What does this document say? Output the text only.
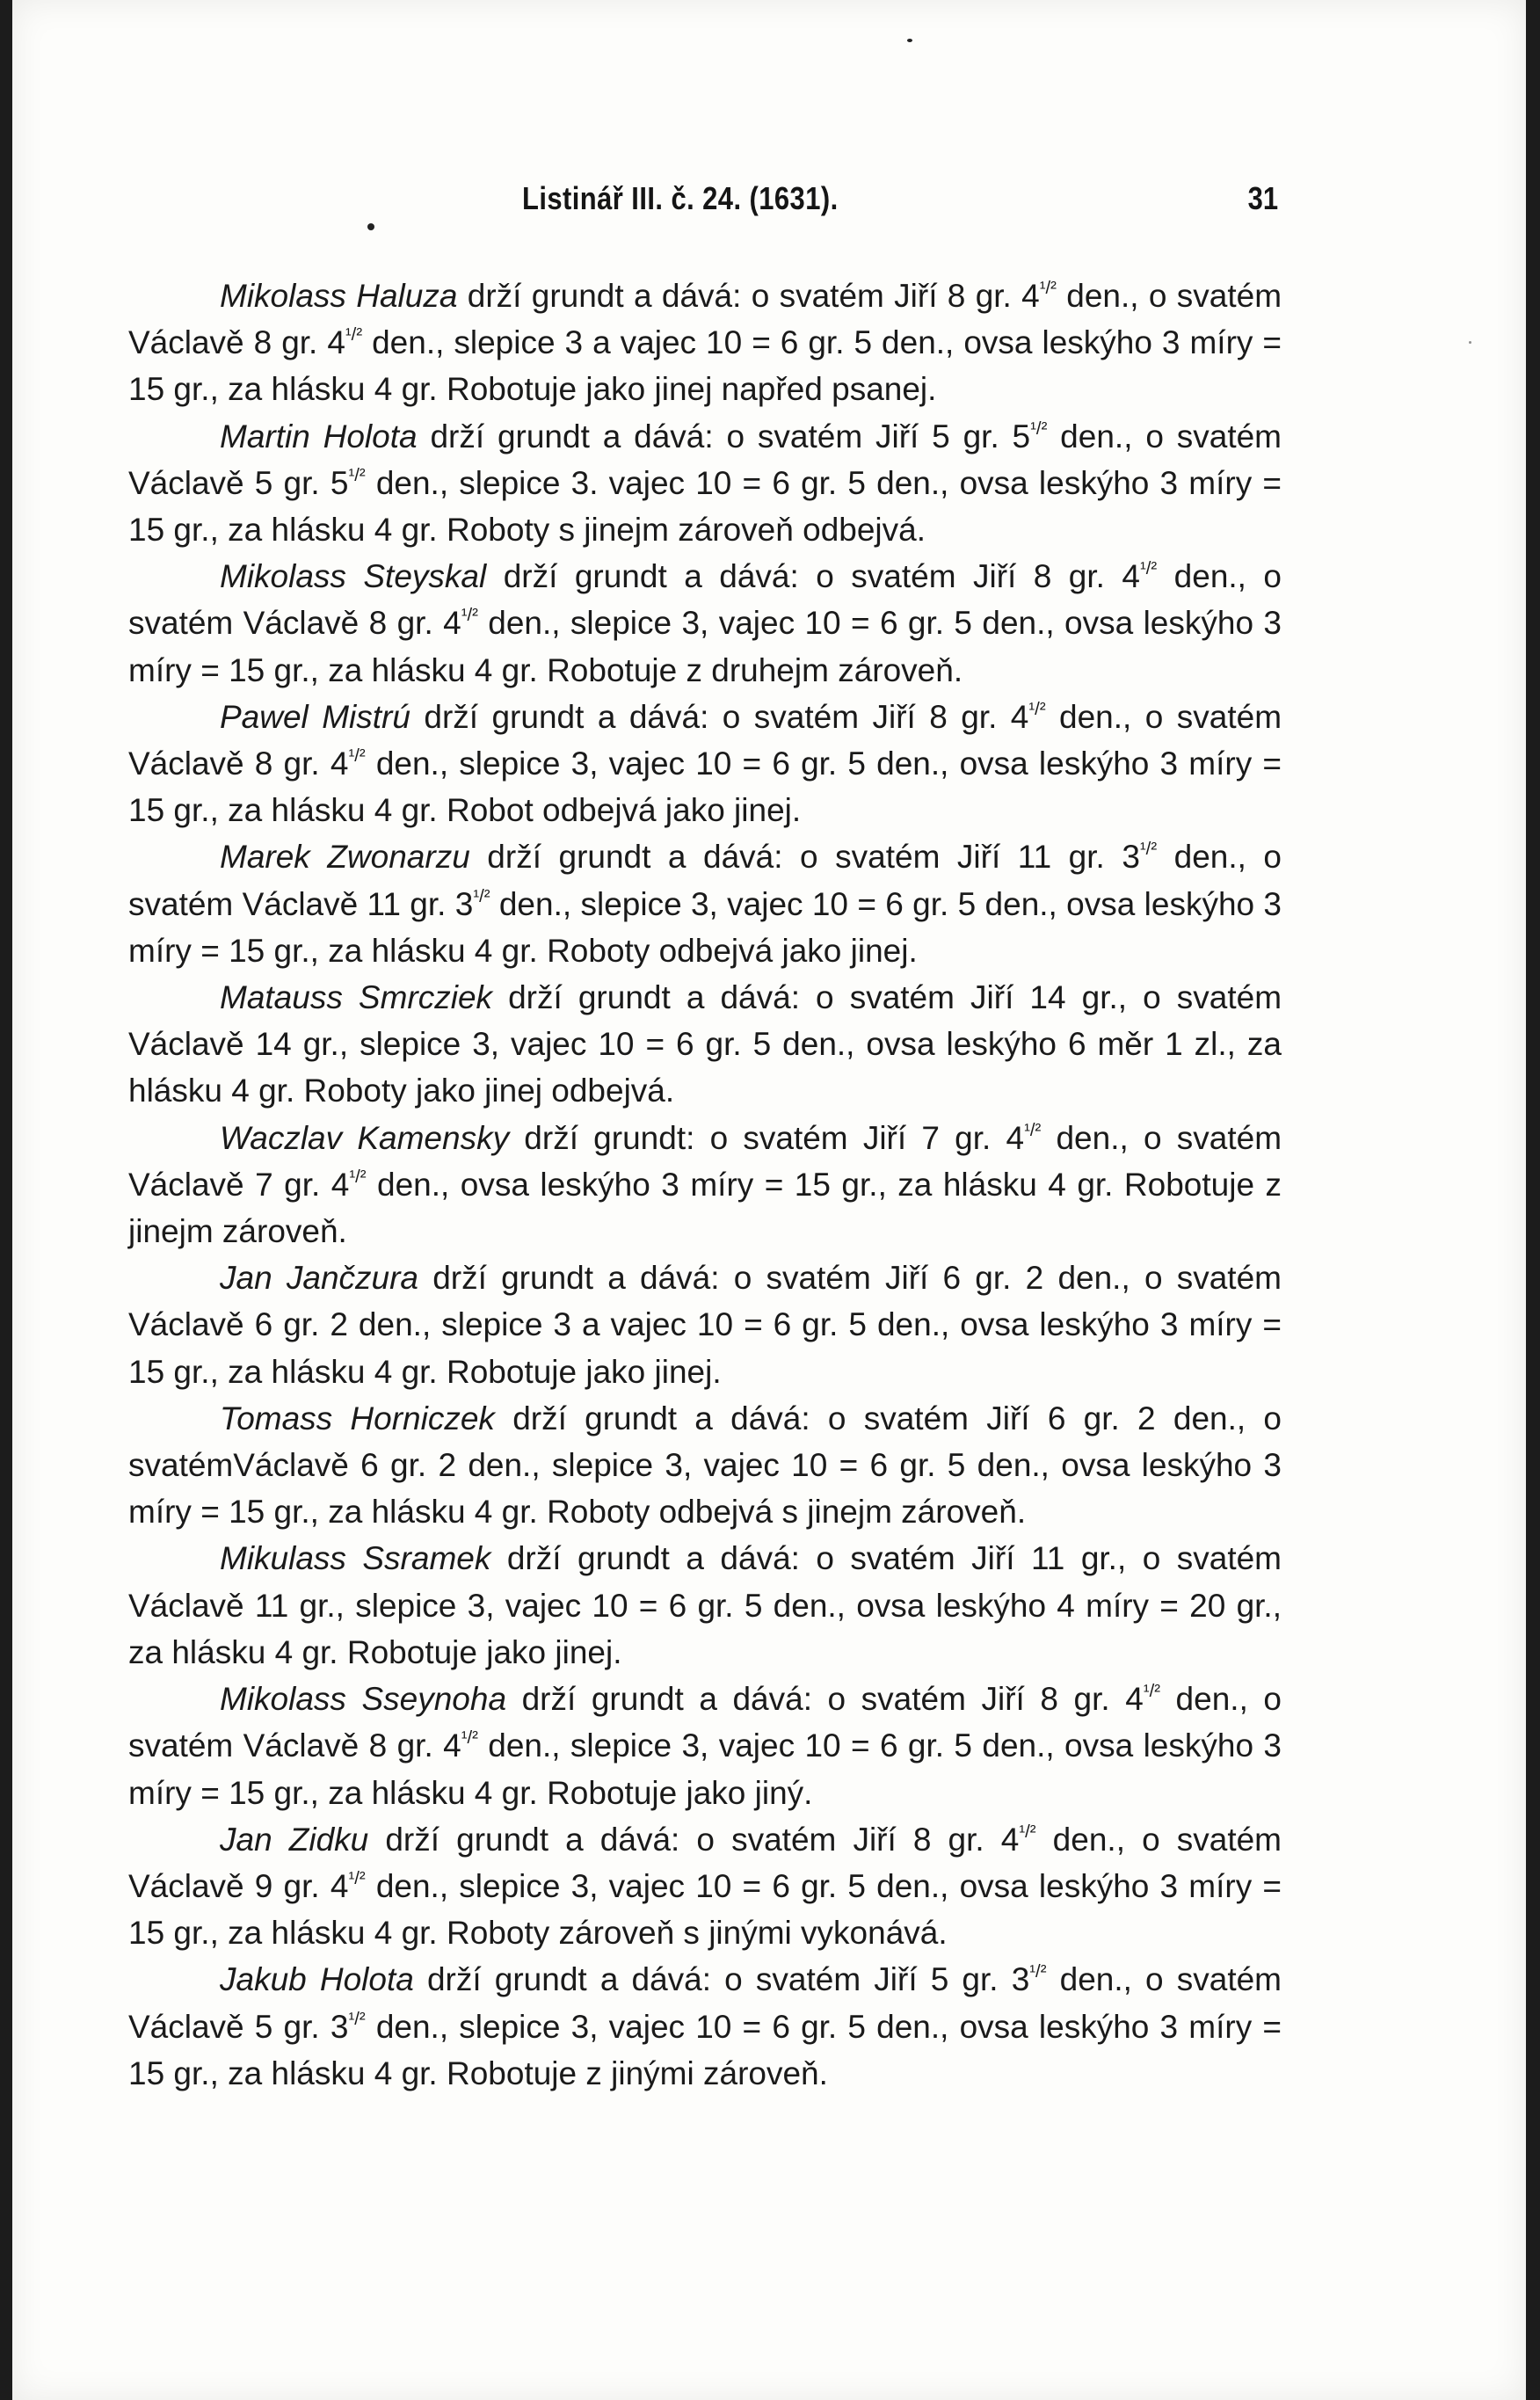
Listinář III. č. 24. (1631).	31

Mikolass Haluza drží grundt a dává: o svatém Jiří 8 gr. $4^{^1/^2}$ den., o svatém Václavě 8 gr. $4^{^1/^2}$ den., slepice 3 a vajec 10 = 6 gr. 5 den., ovsa leskýho 3 míry = 15 gr., za hlásku 4 gr. Robotuje jako jinej napřed psanej.

Martin Holota drží grundt a dává: o svatém Jiří 5 gr. $5^{^1/^2}$ den., o svatém Václavě 5 gr. $5^{^1/^2}$ den., slepice 3. vajec 10 = 6 gr. 5 den., ovsa leskýho 3 míry = 15 gr., za hlásku 4 gr. Roboty s jinejm zároveň odbejvá.

Mikolass Steyskal drží grundt a dává: o svatém Jiří 8 gr. $4^{^1/^2}$ den., o svatém Václavě 8 gr. $4^{^1/^2}$ den., slepice 3, vajec 10 = 6 gr. 5 den., ovsa leskýho 3 míry = 15 gr., za hlásku 4 gr. Robotuje z druhejm zároveň.

Pawel Mistrú drží grundt a dává: o svatém Jiří 8 gr. $4^{^1/^2}$ den., o svatém Václavě 8 gr. $4^{^1/^2}$ den., slepice 3, vajec 10 = 6 gr. 5 den., ovsa leskýho 3 míry = 15 gr., za hlásku 4 gr. Robot odbejvá jako jinej.

Marek Zwonarzu drží grundt a dává: o svatém Jiří 11 gr. $3^{^1/^2}$ den., o svatém Václavě 11 gr. $3^{^1/^2}$ den., slepice 3, vajec 10 = 6 gr. 5 den., ovsa leskýho 3 míry = 15 gr., za hlásku 4 gr. Roboty odbejvá jako jinej.

Matauss Smrcziek drží grundt a dává: o svatém Jiří 14 gr., o svatém Václavě 14 gr., slepice 3, vajec 10 = 6 gr. 5 den., ovsa leskýho 6 měr 1 zl., za hlásku 4 gr. Roboty jako jinej odbejvá.

Waczlav Kamensky drží grundt: o svatém Jiří 7 gr. $4^{^1/^2}$ den., o svatém Václavě 7 gr. $4^{^1/^2}$ den., ovsa leskýho 3 míry = 15 gr., za hlásku 4 gr. Robotuje z jinejm zároveň.

Jan Jančzura drží grundt a dává: o svatém Jiří 6 gr. 2 den., o svatém Václavě 6 gr. 2 den., slepice 3 a vajec 10 = 6 gr. 5 den., ovsa leskýho 3 míry = 15 gr., za hlásku 4 gr. Robotuje jako jinej.

Tomass Horniczek drží grundt a dává: o svatém Jiří 6 gr. 2 den., o svatémVáclavě 6 gr. 2 den., slepice 3, vajec 10 = 6 gr. 5 den., ovsa leskýho 3 míry = 15 gr., za hlásku 4 gr. Roboty odbejvá s jinejm zároveň.

Mikulass Ssramek drží grundt a dává: o svatém Jiří 11 gr., o svatém Václavě 11 gr., slepice 3, vajec 10 = 6 gr. 5 den., ovsa leskýho 4 míry = 20 gr., za hlásku 4 gr. Robotuje jako jinej.

Mikolass Sseynoha drží grundt a dává: o svatém Jiří 8 gr. $4^{^1/^2}$ den., o svatém Václavě 8 gr. $4^{^1/^2}$ den., slepice 3, vajec 10 = 6 gr. 5 den., ovsa leskýho 3 míry = 15 gr., za hlásku 4 gr. Robotuje jako jiný.

Jan Zidku drží grundt a dává: o svatém Jiří 8 gr. $4^{^1/^2}$ den., o svatém Václavě 9 gr. $4^{^1/^2}$ den., slepice 3, vajec 10 = 6 gr. 5 den., ovsa leskýho 3 míry = 15 gr., za hlásku 4 gr. Roboty zároveň s jinými vykonává.

Jakub Holota drží grundt a dává: o svatém Jiří 5 gr. $3^{^1/^2}$ den., o svatém Václavě 5 gr. $3^{^1/^2}$ den., slepice 3, vajec 10 = 6 gr. 5 den., ovsa leskýho 3 míry = 15 gr., za hlásku 4 gr. Robotuje z jinými zároveň.
